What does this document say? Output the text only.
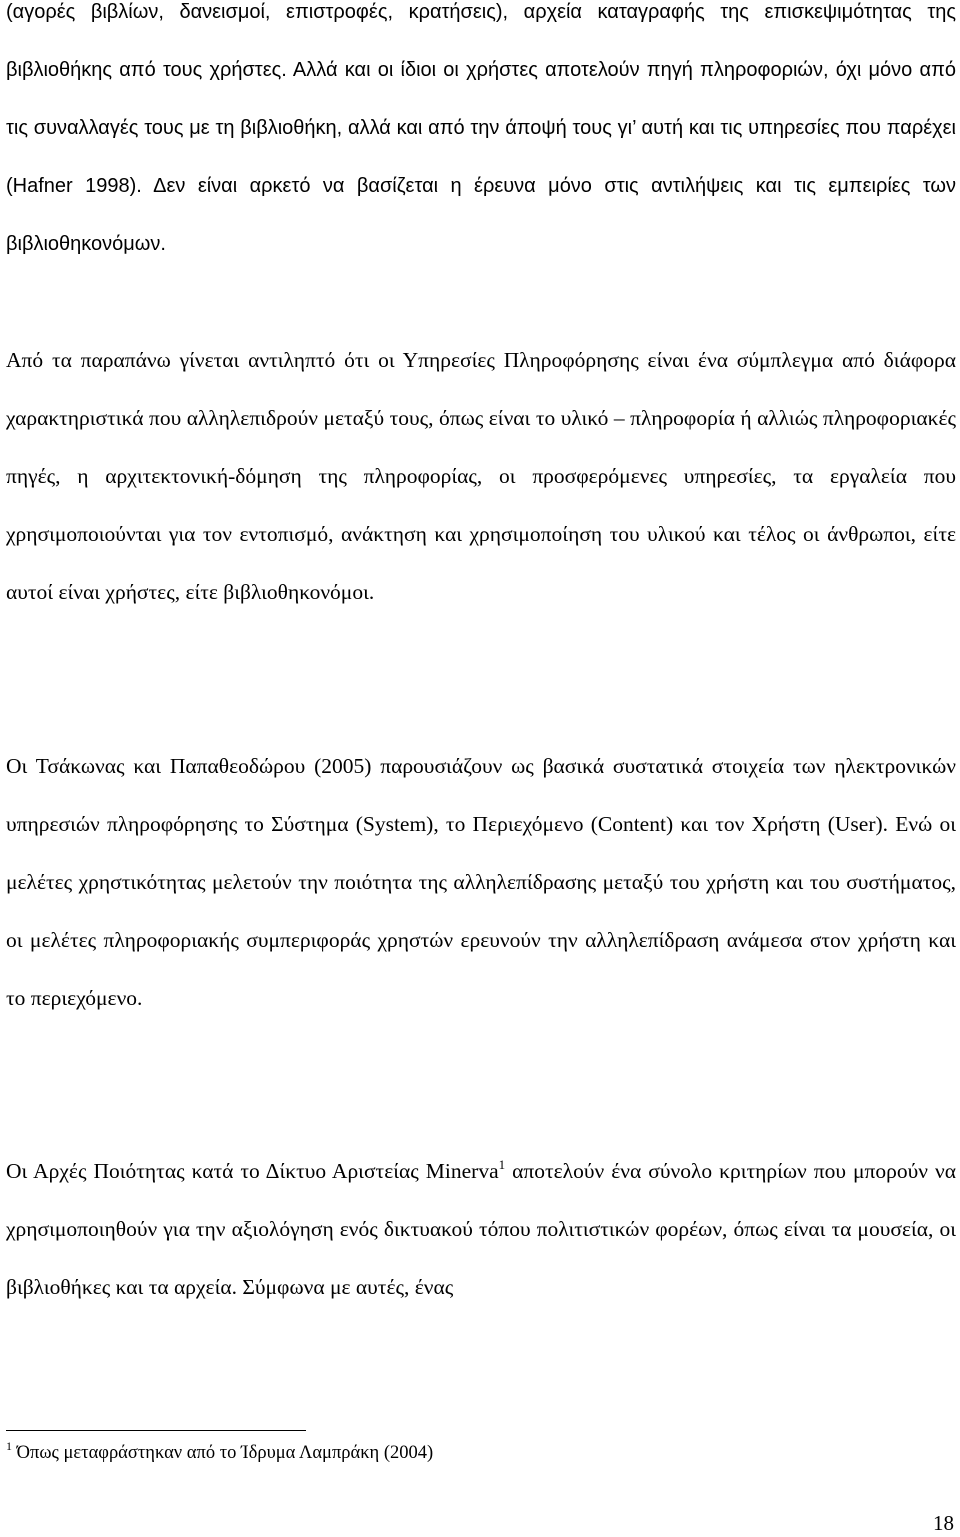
(αγορές βιβλίων, δανεισμοί, επιστροφές, κρατήσεις), αρχεία καταγραφής της επισκεψιμότητας της βιβλιοθήκης από τους χρήστες. Αλλά και οι ίδιοι οι χρήστες αποτελούν πηγή πληροφοριών, όχι μόνο από τις συναλλαγές τους με τη βιβλιοθήκη, αλλά και από την άποψή τους γι’ αυτή και τις υπηρεσίες που παρέχει (Hafner 1998). Δεν είναι αρκετό να βασίζεται η έρευνα μόνο στις αντιλήψεις και τις εμπειρίες των βιβλιοθηκονόμων.

Από τα παραπάνω γίνεται αντιληπτό ότι οι Υπηρεσίες Πληροφόρησης είναι ένα σύμπλεγμα από διάφορα χαρακτηριστικά που αλληλεπιδρούν μεταξύ τους, όπως είναι το υλικό – πληροφορία ή αλλιώς πληροφοριακές πηγές, η αρχιτεκτονική-δόμηση της πληροφορίας, οι προσφερόμενες υπηρεσίες, τα εργαλεία που χρησιμοποιούνται για τον εντοπισμό, ανάκτηση και χρησιμοποίηση του υλικού και τέλος οι άνθρωποι, είτε αυτοί είναι χρήστες, είτε βιβλιοθηκονόμοι.

Οι Τσάκωνας και Παπαθεοδώρου (2005) παρουσιάζουν ως βασικά συστατικά στοιχεία των ηλεκτρονικών υπηρεσιών πληροφόρησης το Σύστημα (System), το Περιεχόμενο (Content) και τον Χρήστη (User). Ενώ οι μελέτες χρηστικότητας μελετούν την ποιότητα της αλληλεπίδρασης μεταξύ του χρήστη και του συστήματος, οι μελέτες πληροφοριακής συμπεριφοράς χρηστών ερευνούν την αλληλεπίδραση ανάμεσα στον χρήστη και το περιεχόμενο.

Οι Αρχές Ποιότητας κατά το Δίκτυο Αριστείας Minerva$^1$ αποτελούν ένα σύνολο κριτηρίων που μπορούν να χρησιμοποιηθούν για την αξιολόγηση ενός δικτυακού τόπου πολιτιστικών φορέων, όπως είναι τα μουσεία, οι βιβλιοθήκες και τα αρχεία. Σύμφωνα με αυτές, ένας

$^1$ Όπως μεταφράστηκαν από το Ίδρυμα Λαμπράκη (2004)

18
